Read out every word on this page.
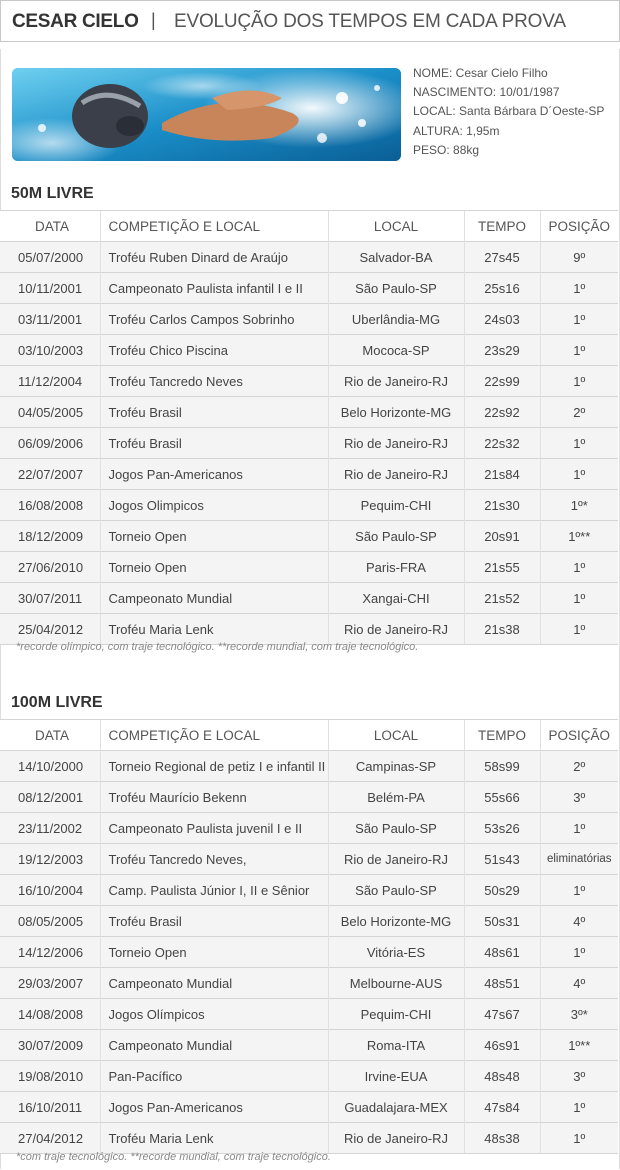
CESAR CIELO | EVOLUÇÃO DOS TEMPOS EM CADA PROVA
NOME: Cesar Cielo Filho
NASCIMENTO: 10/01/1987
LOCAL: Santa Bárbara D´Oeste-SP
ALTURA: 1,95m
PESO: 88kg
50M LIVRE
DATA	COMPETIÇÃO E LOCAL	LOCAL	TEMPO	POSIÇÃO
05/07/2000	Troféu Ruben Dinard de Araújo	Salvador-BA	27s45	9º
10/11/2001	Campeonato Paulista infantil I e II	São Paulo-SP	25s16	1º
03/11/2001	Troféu Carlos Campos Sobrinho	Uberlândia-MG	24s03	1º
03/10/2003	Troféu Chico Piscina	Mococa-SP	23s29	1º
11/12/2004	Troféu Tancredo Neves	Rio de Janeiro-RJ	22s99	1º
04/05/2005	Troféu Brasil	Belo Horizonte-MG	22s92	2º
06/09/2006	Troféu Brasil	Rio de Janeiro-RJ	22s32	1º
22/07/2007	Jogos Pan-Americanos	Rio de Janeiro-RJ	21s84	1º
16/08/2008	Jogos Olimpicos	Pequim-CHI	21s30	1º*
18/12/2009	Torneio Open	São Paulo-SP	20s91	1º**
27/06/2010	Torneio Open	Paris-FRA	21s55	1º
30/07/2011	Campeonato Mundial	Xangai-CHI	21s52	1º
25/04/2012	Troféu Maria Lenk	Rio de Janeiro-RJ	21s38	1º
*recorde olímpico, com traje tecnológico. **recorde mundial, com traje tecnológico.
100M LIVRE
DATA	COMPETIÇÃO E LOCAL	LOCAL	TEMPO	POSIÇÃO
14/10/2000	Torneio Regional de petiz I e infantil II	Campinas-SP	58s99	2º
08/12/2001	Troféu Maurício Bekenn	Belém-PA	55s66	3º
23/11/2002	Campeonato Paulista juvenil I e II	São Paulo-SP	53s26	1º
19/12/2003	Troféu Tancredo Neves,	Rio de Janeiro-RJ	51s43	eliminatórias
16/10/2004	Camp. Paulista Júnior I, II e Sênior	São Paulo-SP	50s29	1º
08/05/2005	Troféu Brasil	Belo Horizonte-MG	50s31	4º
14/12/2006	Torneio Open	Vitória-ES	48s61	1º
29/03/2007	Campeonato Mundial	Melbourne-AUS	48s51	4º
14/08/2008	Jogos Olímpicos	Pequim-CHI	47s67	3º*
30/07/2009	Campeonato Mundial	Roma-ITA	46s91	1º**
19/08/2010	Pan-Pacífico	Irvine-EUA	48s48	3º
16/10/2011	Jogos Pan-Americanos	Guadalajara-MEX	47s84	1º
27/04/2012	Troféu Maria Lenk	Rio de Janeiro-RJ	48s38	1º
*com traje tecnológico. **recorde mundial, com traje tecnológico.
